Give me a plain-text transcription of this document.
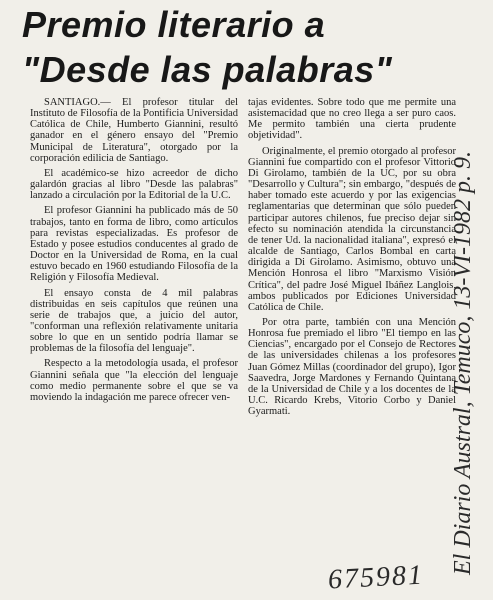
Premio literario a
"Desde las palabras"

SANTIAGO.— El profesor titular del Instituto de Filosofía de la Pontificia Universidad Católica de Chile, Humberto Giannini, resultó ganador en el género ensayo del "Premio Municipal de Literatura", otorgado por la corporación edilicia de Santiago.

El académico-se hizo acreedor de dicho galardón gracias al libro "Desde las palabras" lanzado a circulación por la Editorial de la U.C.

El profesor Giannini ha publicado más de 50 trabajos, tanto en forma de libro, como artículos para revistas especializadas. Es profesor de Estado y posee estudios conducentes al grado de Doctor en la Universidad de Roma, en la cual estuvo becado en 1960 estudiando Filosofía de la Religión y Filosofía Medieval.

El ensayo consta de 4 mil palabras distribuidas en seis capítulos que reúnen una serie de trabajos que, a juicio del autor, "conforman una reflexión relativamente unitaria sobre lo que en un sentido podría llamar se problemas de la filosofía del lenguaje".

Respecto a la metodología usada, el profesor Giannini señala que "la elección del lenguaje como medio permanente sobre el que se va moviendo la indagación me parece ofrecer ven-

tajas evidentes. Sobre todo que me permite una asistemacidad que no creo llega a ser puro caos. Me permito también una cierta prudente objetividad".

Originalmente, el premio otorgado al profesor Giannini fue compartido con el profesor Vittorio Di Girolamo, también de la UC, por su obra "Desarrollo y Cultura"; sin embargo, "después de haber tomado este acuerdo y por las exigencias reglamentarias que determinan que sólo pueden participar autores chilenos, fue preciso dejar sin efecto su nominación atendida la circunstancia de tener Ud. la nacionalidad italiana", expresó el alcalde de Santiago, Carlos Bombal en carta dirigida a Di Girolamo. Asimismo, obtuvo una Mención Honrosa el libro "Marxismo Visión Crítica", del padre José Miguel Ibáñez Langlois, ambos publicados por Ediciones Universidad Católica de Chile.

Por otra parte, también con una Mención Honrosa fue premiado el libro "El tiempo en las Ciencias", encargado por el Consejo de Rectores de las universidades chilenas a los profesores Juan Gómez Millas (coordinador del grupo), Igor Saavedra, Jorge Mardones y Fernando Quintana de la Universidad de Chile y a los docentes de la U.C. Ricardo Krebs, Vitorio Corbo y Daniel Gyarmati.	El Diario Austral, Temuco, 13-VI-1982 p. 9.
675981
